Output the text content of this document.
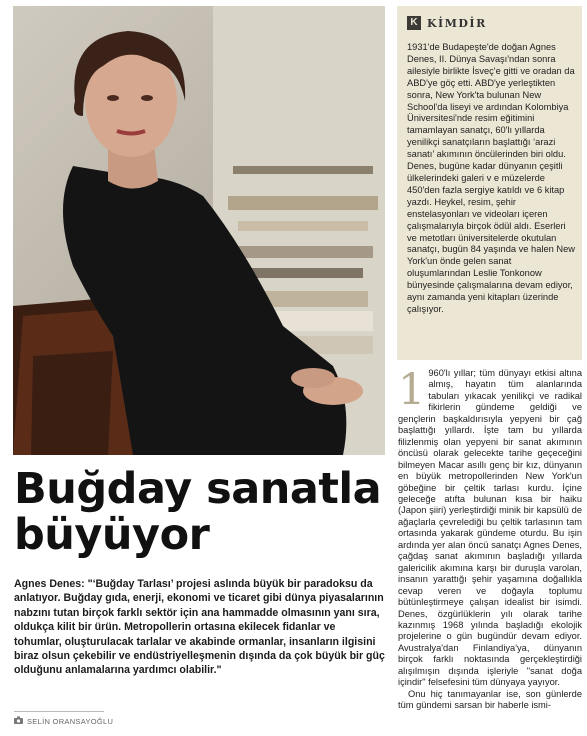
Buğday sanatla büyüyor

Agnes Denes: "‘Buğday Tarlası’ projesi aslında büyük bir paradoksu da anlatıyor. Buğday gıda, enerji, ekonomi ve ticaret gibi dünya piyasalarının nabzını tutan birçok farklı sektör için ana hammadde olmasının yanı sıra, oldukça kilit bir ürün. Metropollerin ortasına ekilecek fidanlar ve tohumlar, oluşturulacak tarlalar ve akabinde ormanlar, insanların ilgisini biraz olsun çekebilir ve endüstriyelleşmenin dışında da çok büyük bir güç olduğunu anlamalarına yardımcı olabilir."

SELİN ORANSAYOĞLU
K KİMDİR

1931'de Budapeşte'de doğan Agnes Denes, II. Dünya Savaşı'ndan sonra ailesiyle birlikte İsveç'e gitti ve oradan da ABD'ye göç etti. ABD'ye yerleştikten sonra, New York'ta bulunan New School'da liseyi ve ardından Kolombiya Üniversitesi'nde resim eğitimini tamamlayan sanatçı, 60'lı yıllarda yenilikçi sanatçıların başlattığı ‘arazi sanatı’ akımının öncülerinden biri oldu. Denes, bugüne kadar dünyanın çeşitli ülkelerindeki galeri v e müzelerde 450'den fazla sergiye katıldı ve 6 kitap yazdı. Heykel, resim, şehir enstelasyonları ve videoları içeren çalışmalarıyla birçok ödül aldı. Eserleri ve metotları üniversitelerde okutulan sanatçı, bugün 84 yaşında ve halen New York'un önde gelen sanat oluşumlarından Leslie Tonkonow bünyesinde çalışmalarına devam ediyor, aynı zamanda yeni kitapları üzerinde çalışıyor.

1 960'lı yıllar; tüm dünyayı etkisi altına almış, hayatın tüm alanlarında tabuları yıkacak yenilikçi ve radikal fikirlerin gündeme geldiği ve gençlerin başkaldırısıyla yepyeni bir çağ başlattığı yıllardı. İşte tam bu yıllarda filizlenmiş olan yepyeni bir sanat akımının öncüsü olarak gelecekte tarihe geçeceğini bilmeyen Macar asıllı genç bir kız, dünyanın en büyük metropollerinden New York'un göbeğine bir çeltik tarlası kurdu. İçine geleceğe atıfta bulunan kısa bir haiku (Japon şiiri) yerleştirdiği minik bir kapsülü de ağaçlarla çevrelediği bu çeltik tarlasının tam ortasında yakarak gündeme oturdu. Bu işin ardında yer alan öncü sanatçı Agnes Denes, çağdaş sanat akımının başladığı yıllarda galericilik akımına karşı bir duruşla varolan, insanın yarattığı şehir yaşamına doğallıkla cevap veren ve doğayla toplumu bütünleştirmeye çalışan idealist bir isimdi. Denes, özgürlüklerin yılı olarak tarihe kazınmış 1968 yılında başladığı ekolojik projelerine o gün bugündür devam ediyor. Avustralya'dan Finlandiya'ya, dünyanın birçok farklı noktasında gerçekleştirdiği alışılmışın dışında işleriyle "sanat doğa içindir" felsefesini tüm dünyaya yayıyor.

Onu hiç tanımayanlar ise, son günlerde tüm gündemi sarsan bir haberle ismi-
